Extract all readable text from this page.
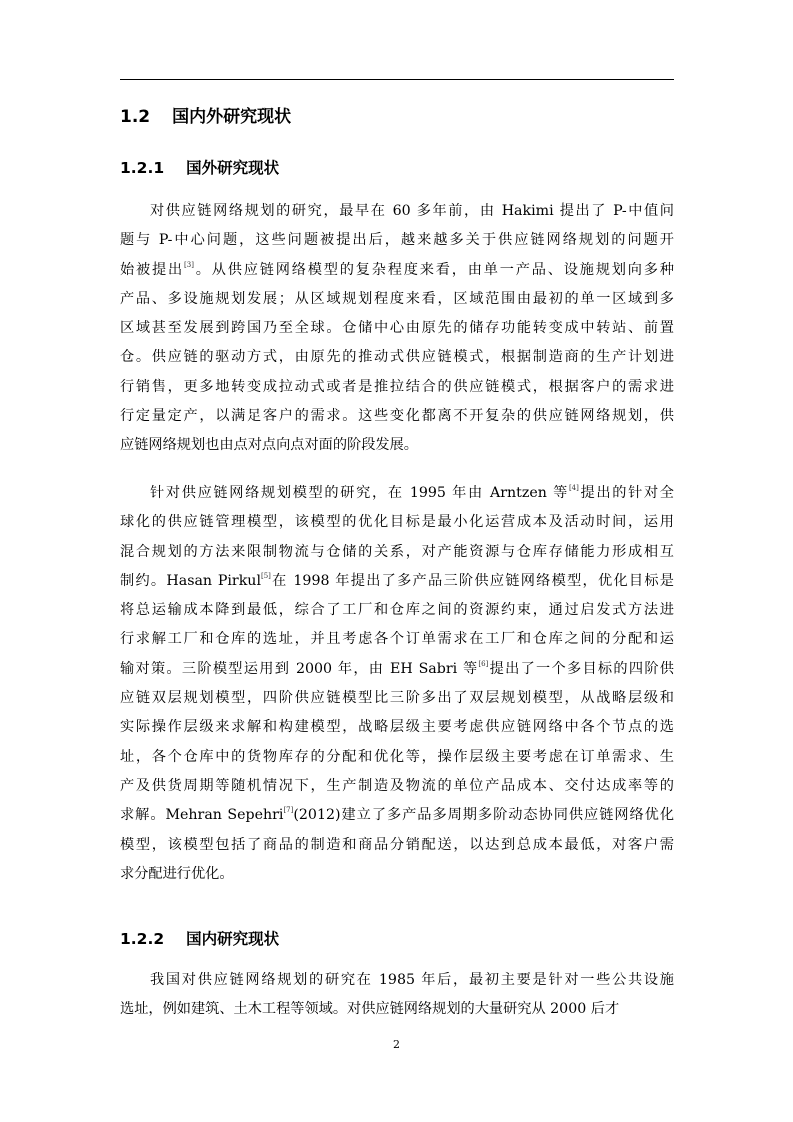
1.2 国内外研究现状
1.2.1 国外研究现状
对供应链网络规划的研究，最早在 60 多年前，由 Hakimi 提出了 P-中值问
题与 P-中心问题，这些问题被提出后，越来越多关于供应链网络规划的问题开
始被提出[3]。从供应链网络模型的复杂程度来看，由单一产品、设施规划向多种
产品、多设施规划发展；从区域规划程度来看，区域范围由最初的单一区域到多
区域甚至发展到跨国乃至全球。仓储中心由原先的储存功能转变成中转站、前置
仓。供应链的驱动方式，由原先的推动式供应链模式，根据制造商的生产计划进
行销售，更多地转变成拉动式或者是推拉结合的供应链模式，根据客户的需求进
行定量定产，以满足客户的需求。这些变化都离不开复杂的供应链网络规划，供
应链网络规划也由点对点向点对面的阶段发展。
针对供应链网络规划模型的研究，在 1995 年由 Arntzen 等[4]提出的针对全
球化的供应链管理模型，该模型的优化目标是最小化运营成本及活动时间，运用
混合规划的方法来限制物流与仓储的关系，对产能资源与仓库存储能力形成相互
制约。Hasan Pirkul[5]在 1998 年提出了多产品三阶供应链网络模型，优化目标是
将总运输成本降到最低，综合了工厂和仓库之间的资源约束，通过启发式方法进
行求解工厂和仓库的选址，并且考虑各个订单需求在工厂和仓库之间的分配和运
输对策。三阶模型运用到 2000 年，由 EH Sabri 等[6]提出了一个多目标的四阶供
应链双层规划模型，四阶供应链模型比三阶多出了双层规划模型，从战略层级和
实际操作层级来求解和构建模型，战略层级主要考虑供应链网络中各个节点的选
址，各个仓库中的货物库存的分配和优化等，操作层级主要考虑在订单需求、生
产及供货周期等随机情况下，生产制造及物流的单位产品成本、交付达成率等的
求解。Mehran Sepehri[7](2012)建立了多产品多周期多阶动态协同供应链网络优化
模型，该模型包括了商品的制造和商品分销配送，以达到总成本最低，对客户需
求分配进行优化。
1.2.2 国内研究现状
我国对供应链网络规划的研究在 1985 年后，最初主要是针对一些公共设施
选址，例如建筑、土木工程等领域。对供应链网络规划的大量研究从 2000 后才
2
